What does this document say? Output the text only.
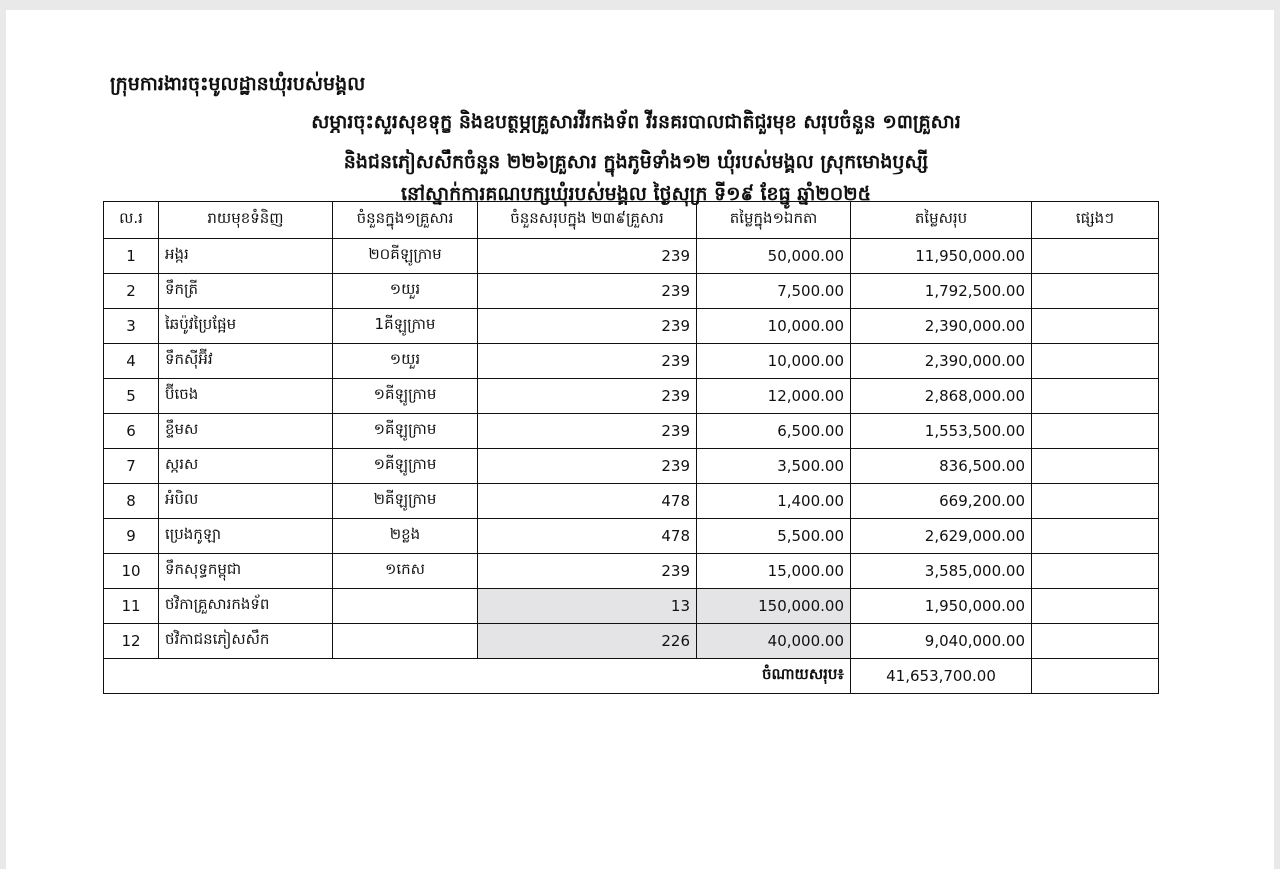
ក្រុមការងារចុះមូលដ្ឋានឃុំរបស់មង្គល
សម្ភារចុះសួរសុខទុក្ខ និងឧបត្ថម្ភគ្រួសារវីរកងទ័ព វីរនគរបាលជាតិជួរមុខ សរុបចំនួន ១៣គ្រួសារ
និងជនភៀសសឹកចំនួន ២២៦គ្រួសារ ក្នុងភូមិទាំង១២ ឃុំរបស់មង្គល ស្រុកមោងឫស្សី
នៅស្នាក់ការគណបក្សឃុំរបស់មង្គល ថ្ងៃសុក្រ ទី១៩ ខែធ្នូ ឆ្នាំ២០២៥
ល.រ	រាយមុខទំនិញ	ចំនួនក្នុង១គ្រួសារ	ចំនួនសរុបក្នុង ២៣៩គ្រួសារ	តម្លៃក្នុង១ឯកតា	តម្លៃសរុប	ផ្សេងៗ
1	អង្ករ	២០គីឡូក្រាម	239	50,000.00	11,950,000.00	
2	ទឹកត្រី	១យួរ	239	7,500.00	1,792,500.00	
3	ឆៃប៉ូវប្រៃផ្អែម	1គីឡូក្រាម	239	10,000.00	2,390,000.00	
4	ទឹកស៊ីអ៊ីវ	១យួរ	239	10,000.00	2,390,000.00	
5	ប៊ីចេង	១គីឡូក្រាម	239	12,000.00	2,868,000.00	
6	ខ្ទឹមស	១គីឡូក្រាម	239	6,500.00	1,553,500.00	
7	ស្ករស	១គីឡូក្រាម	239	3,500.00	836,500.00	
8	អំបិល	២គីឡូក្រាម	478	1,400.00	669,200.00	
9	ប្រេងកូឡា	២ខ្លង	478	5,500.00	2,629,000.00	
10	ទឹកសុទ្ធកម្ពុជា	១កេស	239	15,000.00	3,585,000.00	
11	ថវិកាគ្រួសារកងទ័ព		13	150,000.00	1,950,000.00	
12	ថវិកាជនភៀសសឹក		226	40,000.00	9,040,000.00	
ចំណាយសរុប៖					41,653,700.00	
